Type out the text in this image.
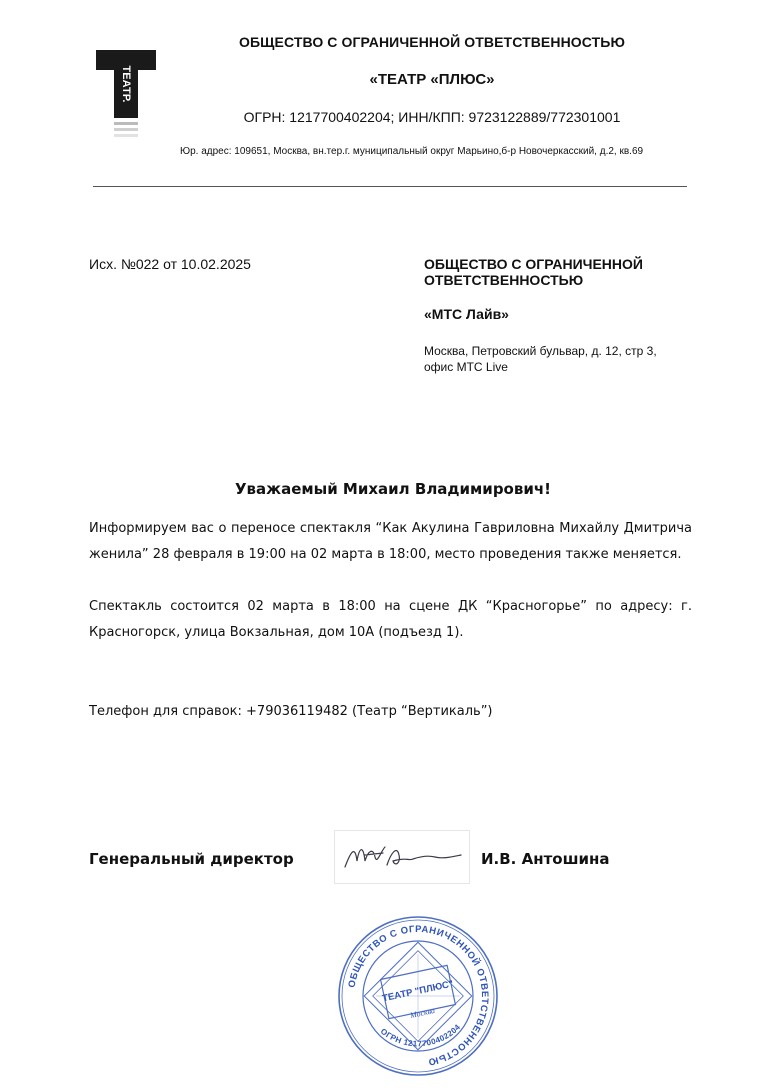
ТЕАТР.
ОБЩЕСТВО С ОГРАНИЧЕННОЙ ОТВЕТСТВЕННОСТЬЮ
«ТЕАТР «ПЛЮС»
ОГРН: 1217700402204; ИНН/КПП: 9723122889/772301001
Юр. адрес: 109651, Москва, вн.тер.г. муниципальный округ Марьино,б-р Новочеркасский, д.2, кв.69
Исх. №022 от 10.02.2025	ОБЩЕСТВО С ОГРАНИЧЕННОЙ ОТВЕТСТВЕННОСТЬЮ
«МТС Лайв»
Москва, Петровский бульвар, д. 12, стр 3,
офис МТС Live
Уважаемый Михаил Владимирович!
Информируем вас о переносе спектакля “Как Акулина Гавриловна Михайлу Дмитрича женила” 28 февраля в 19:00 на 02 марта в 18:00, место проведения также меняется.
Спектакль состоится 02 марта в 18:00 на сцене ДК “Красногорье” по адресу: г. Красногорск, улица Вокзальная, дом 10А (подъезд 1).
Телефон для справок: +79036119482 (Театр “Вертикаль”)
Генеральный директор	И.В. Антошина
ОБЩЕСТВО С ОГРАНИЧЕННОЙ ОТВЕТСТВЕННОСТЬЮ
ОГРН 1217700402204
ТЕАТР "ПЛЮС"
Москва
